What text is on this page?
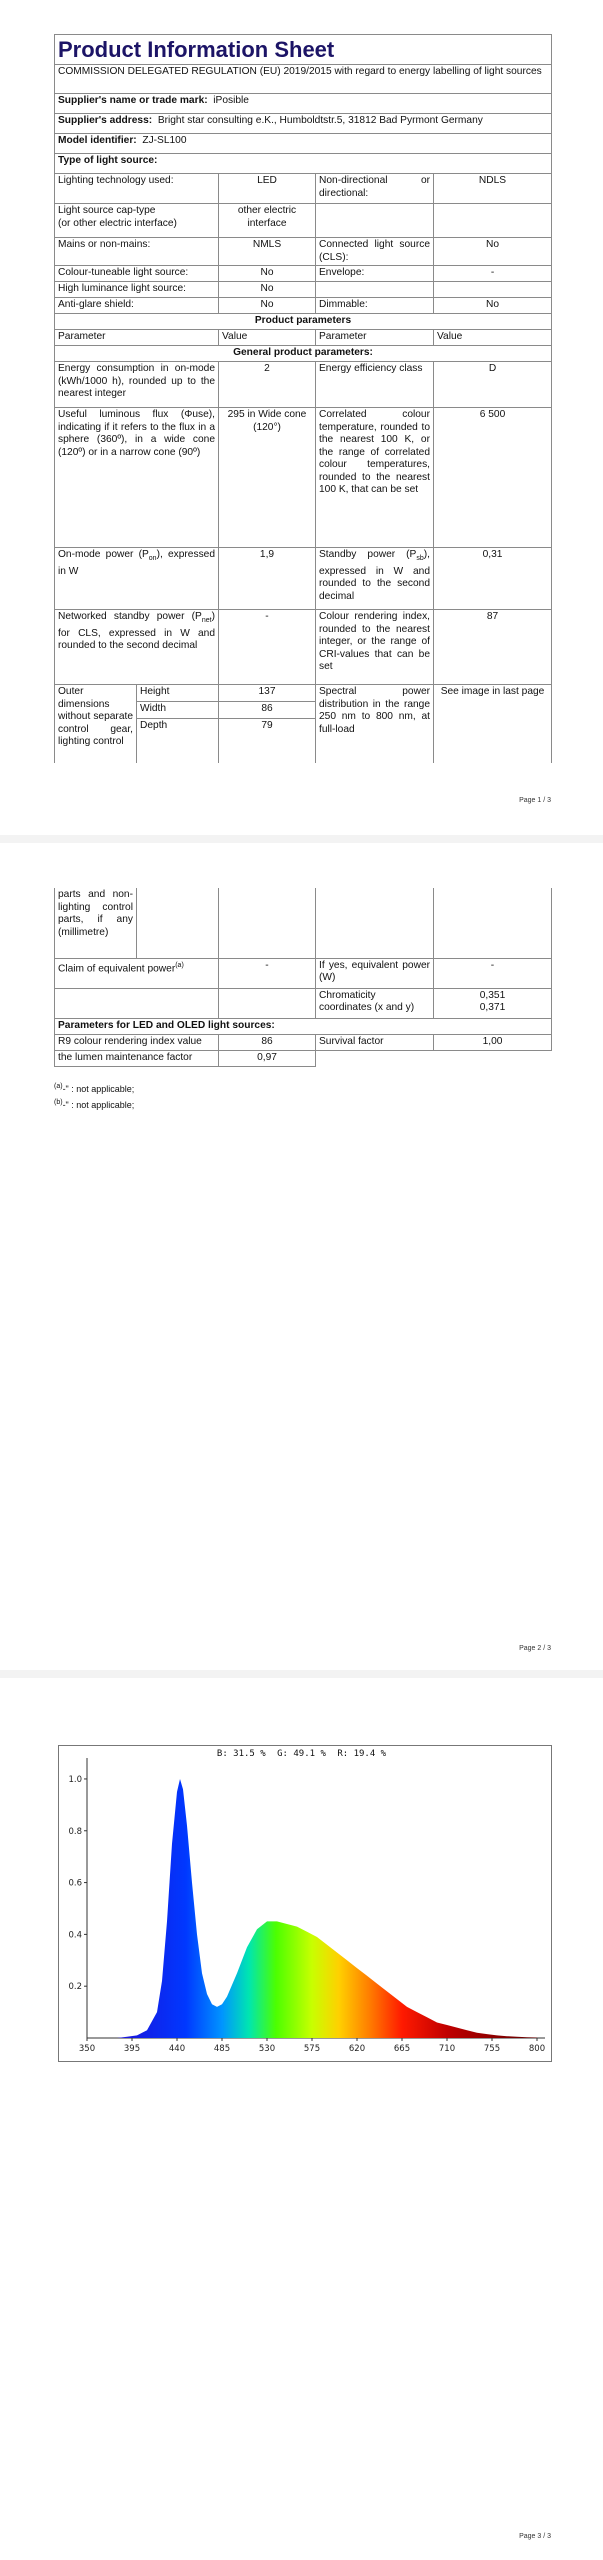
Product Information Sheet				
COMMISSION DELEGATED REGULATION (EU) 2019/2015 with regard to energy labelling of light sources				
Supplier's name or trade mark: iPosible				
Supplier's address: Bright star consulting e.K., Humboldtstr.5, 31812 Bad Pyrmont Germany				
Model identifier: ZJ-SL100				
Type of light source:				
Lighting technology used:		LED	Non-directional or directional:	NDLS
Light source cap-type
(or other electric interface)		other electric interface		
Mains or non-mains:		NMLS	Connected light source (CLS):	No
Colour-tuneable light source:		No	Envelope:	-
High luminance light source:		No		
Anti-glare shield:		No	Dimmable:	No
Product parameters				
Parameter		Value	Parameter	Value
General product parameters:				
Energy consumption in on-mode (kWh/1000 h), rounded up to the nearest integer		2	Energy efficiency class	D
Useful luminous flux (Φuse), indicating if it refers to the flux in a sphere (360º), in a wide cone (120º) or in a narrow cone (90º)		295 in Wide cone (120°)	Correlated colour temperature, rounded to the nearest 100 K, or the range of correlated colour temperatures, rounded to the nearest 100 K, that can be set	6 500
On-mode power $(P_{on})$, expressed in W		1,9	Standby power $(P_{sb})$, expressed in W and rounded to the second decimal	0,31
Networked standby power $(P_{net})$ for CLS, expressed in W and rounded to the second decimal		-	Colour rendering index, rounded to the nearest integer, or the range of CRI-values that can be set	87
Outer dimensions without separate control gear, lighting control	Height	137	Spectral power distribution in the range 250 nm to 800 nm, at full-load	See image in last page
	Width	86		
	Depth	79		
Page 1 / 3
parts and non-lighting control parts, if any (millimetre)				
Claim of equivalent power$^{(a)}$		-	If yes, equivalent power (W)	-
			Chromaticity coordinates (x and y)	0,351
0,371
Parameters for LED and OLED light sources:				
R9 colour rendering index value		86	Survival factor	1,00
the lumen maintenance factor		0,97		
$^{(a)}$-" : not applicable;
$^{(b)}$-" : not applicable;
Page 2 / 3
Page 3 / 3
350	395	440	485	530	575	620	665	710	755	800
0.2
0.4
0.6
0.8
1.0
B: 31.5 % G: 49.1 % R: 19.4 %
